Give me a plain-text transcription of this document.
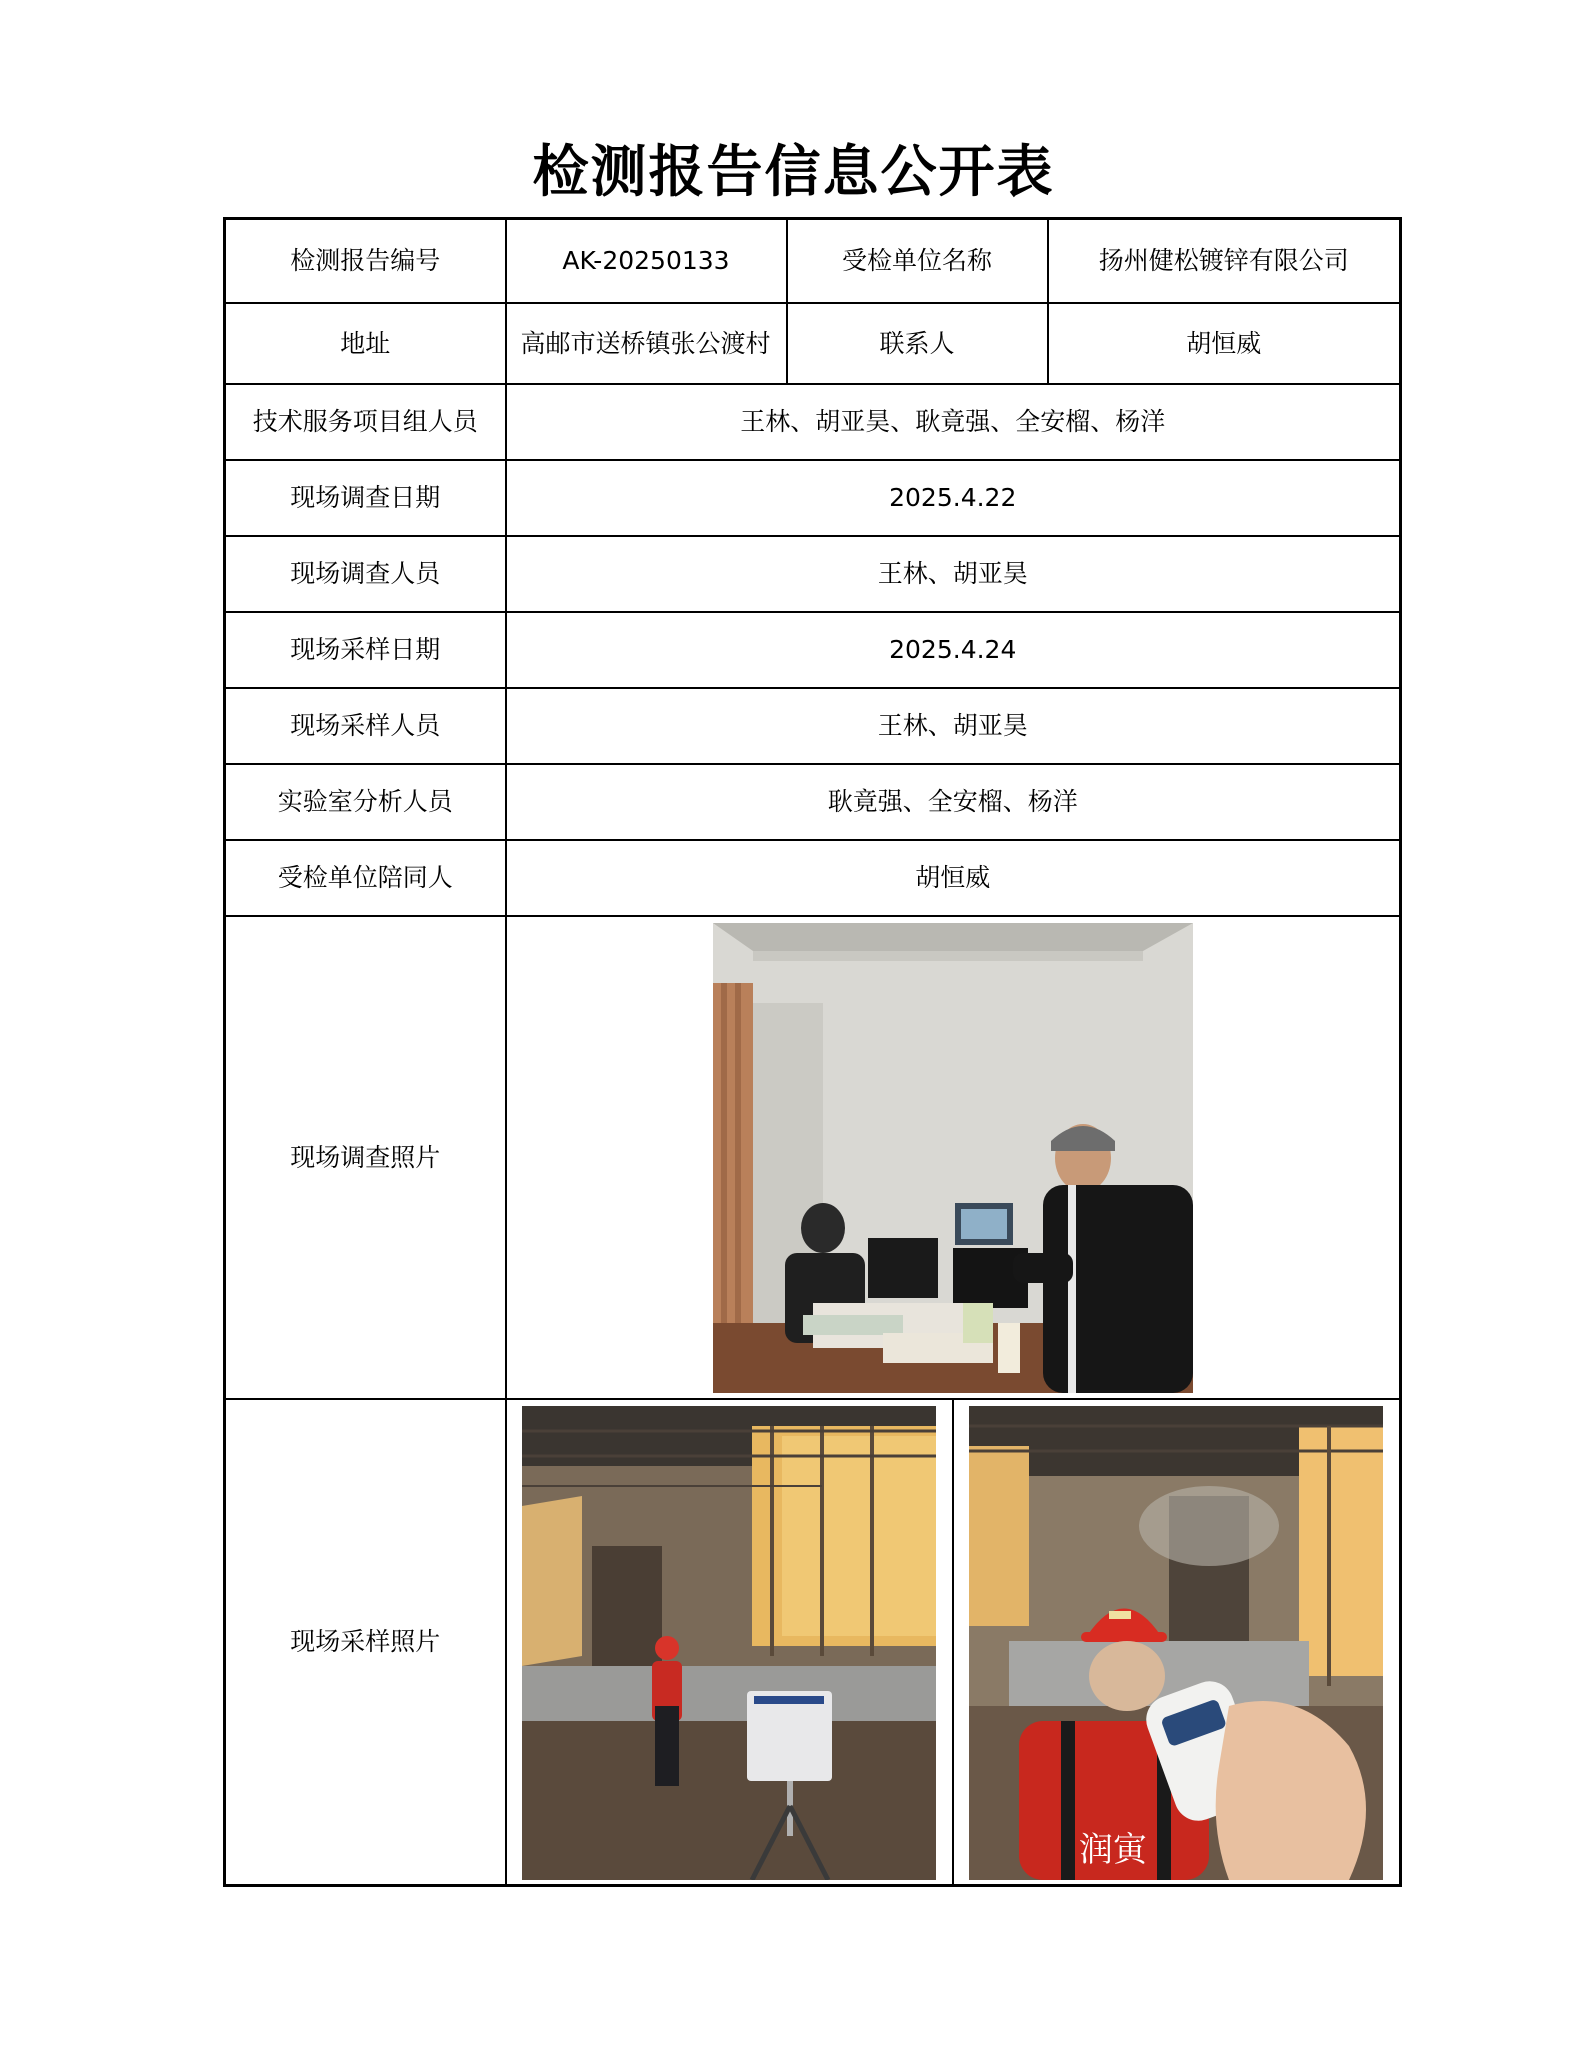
检测报告信息公开表
检测报告编号	AK-20250133	受检单位名称	扬州健松镀锌有限公司
地址	高邮市送桥镇张公渡村	联系人	胡恒威
技术服务项目组人员	王林、胡亚昊、耿竟强、全安榴、杨洋		
现场调查日期	2025.4.22		
现场调查人员	王林、胡亚昊		
现场采样日期	2025.4.24		
现场采样人员	王林、胡亚昊		
实验室分析人员	耿竟强、全安榴、杨洋		
受检单位陪同人	胡恒威		
现场调查照片	

现场采样照片	润寅		
